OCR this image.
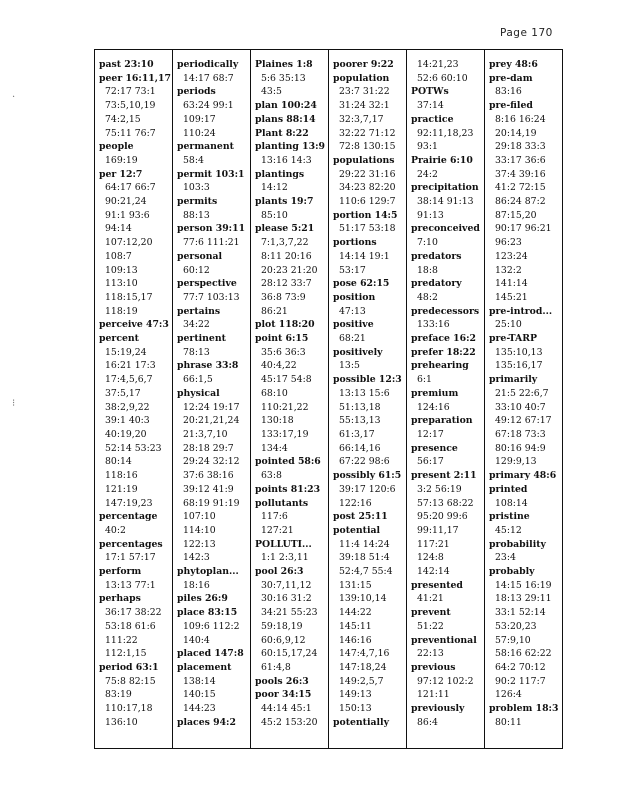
Page 170
·
⁝
past 23:10
peer 16:11,17
72:17 73:1
73:5,10,19
74:2,15
75:11 76:7
people
169:19
per 12:7
64:17 66:7
90:21,24
91:1 93:6
94:14
107:12,20
108:7
109:13
113:10
118:15,17
118:19
perceive 47:3
percent
15:19,24
16:21 17:3
17:4,5,6,7
37:5,17
38:2,9,22
39:1 40:3
40:19,20
52:14 53:23
80:14
118:16
121:19
147:19,23
percentage
40:2
percentages
17:1 57:17
perform
13:13 77:1
perhaps
36:17 38:22
53:18 61:6
111:22
112:1,15
period 63:1
75:8 82:15
83:19
110:17,18
136:10
periodically
14:17 68:7
periods
63:24 99:1
109:17
110:24
permanent
58:4
permit 103:1
103:3
permits
88:13
person 39:11
77:6 111:21
personal
60:12
perspective
77:7 103:13
pertains
34:22
pertinent
78:13
phrase 33:8
66:1,5
physical
12:24 19:17
20:21,21,24
21:3,7,10
28:18 29:7
29:24 32:12
37:6 38:16
39:12 41:9
68:19 91:19
107:10
114:10
122:13
142:3
phytoplan...
18:16
piles 26:9
place 83:15
109:6 112:2
140:4
placed 147:8
placement
138:14
140:15
144:23
places 94:2
Plaines 1:8
5:6 35:13
43:5
plan 100:24
plans 88:14
Plant 8:22
planting 13:9
13:16 14:3
plantings
14:12
plants 19:7
85:10
please 5:21
7:1,3,7,22
8:11 20:16
20:23 21:20
28:12 33:7
36:8 73:9
86:21
plot 118:20
point 6:15
35:6 36:3
40:4,22
45:17 54:8
68:10
110:21,22
130:18
133:17,19
134:4
pointed 58:6
63:8
points 81:23
pollutants
117:6
127:21
POLLUTI...
1:1 2:3,11
pool 26:3
30:7,11,12
30:16 31:2
34:21 55:23
59:18,19
60:6,9,12
60:15,17,24
61:4,8
pools 26:3
poor 34:15
44:14 45:1
45:2 153:20
poorer 9:22
population
23:7 31:22
31:24 32:1
32:3,7,17
32:22 71:12
72:8 130:15
populations
29:22 31:16
34:23 82:20
110:6 129:7
portion 14:5
51:17 53:18
portions
14:14 19:1
53:17
pose 62:15
position
47:13
positive
68:21
positively
13:5
possible 12:3
13:13 15:6
51:13,18
55:13,13
61:3,17
66:14,16
67:22 98:6
possibly 61:5
39:17 120:6
122:16
post 25:11
potential
11:4 14:24
39:18 51:4
52:4,7 55:4
131:15
139:10,14
144:22
145:11
146:16
147:4,7,16
147:18,24
149:2,5,7
149:13
150:13
potentially
14:21,23
52:6 60:10
POTWs
37:14
practice
92:11,18,23
93:1
Prairie 6:10
24:2
precipitation
38:14 91:13
91:13
preconceived
7:10
predators
18:8
predatory
48:2
predecessors
133:16
preface 16:2
prefer 18:22
prehearing
6:1
premium
124:16
preparation
12:17
presence
56:17
present 2:11
3:2 56:19
57:13 68:22
95:20 99:6
99:11,17
117:21
124:8
142:14
presented
41:21
prevent
51:22
preventional
22:13
previous
97:12 102:2
121:11
previously
86:4
prey 48:6
pre-dam
83:16
pre-filed
8:16 16:24
20:14,19
29:18 33:3
33:17 36:6
37:4 39:16
41:2 72:15
86:24 87:2
87:15,20
90:17 96:21
96:23
123:24
132:2
141:14
145:21
pre-introd...
25:10
pre-TARP
135:10,13
135:16,17
primarily
21:5 22:6,7
33:10 40:7
49:12 67:17
67:18 73:3
80:16 94:9
129:9,13
primary 48:6
printed
108:14
pristine
45:12
probability
23:4
probably
14:15 16:19
18:13 29:11
33:1 52:14
53:20,23
57:9,10
58:16 62:22
64:2 70:12
90:2 117:7
126:4
problem 18:3
80:11
